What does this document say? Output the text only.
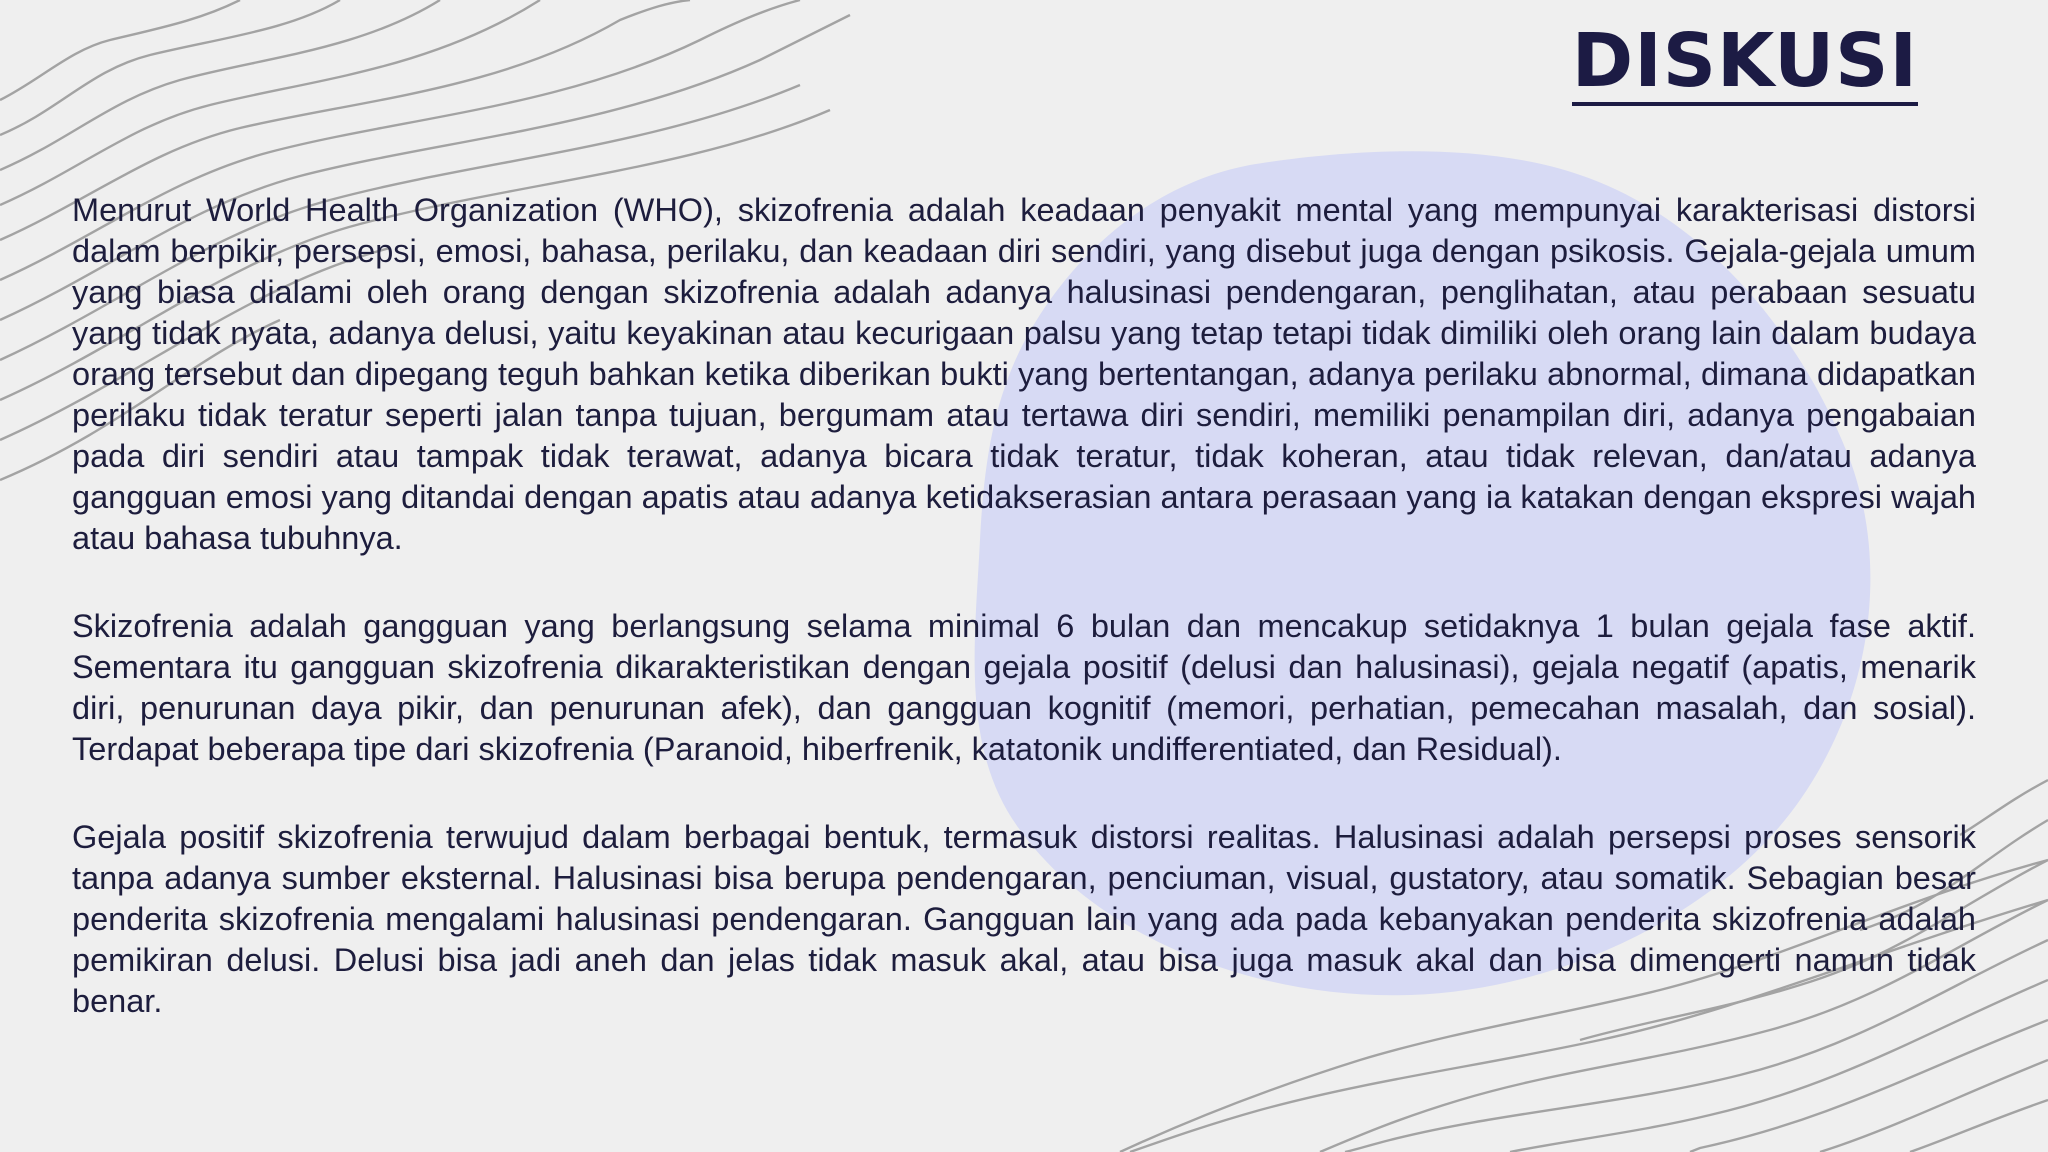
DISKUSI

Menurut World Health Organization (WHO), skizofrenia adalah keadaan penyakit mental yang mempunyai karakterisasi distorsi dalam berpikir, persepsi, emosi, bahasa, perilaku, dan keadaan diri sendiri, yang disebut juga dengan psikosis. Gejala-gejala umum yang biasa dialami oleh orang dengan skizofrenia adalah adanya halusinasi pendengaran, penglihatan, atau perabaan sesuatu yang tidak nyata, adanya delusi, yaitu keyakinan atau kecurigaan palsu yang tetap tetapi tidak dimiliki oleh orang lain dalam budaya orang tersebut dan dipegang teguh bahkan ketika diberikan bukti yang bertentangan, adanya perilaku abnormal, dimana didapatkan perilaku tidak teratur seperti jalan tanpa tujuan, bergumam atau tertawa diri sendiri, memiliki penampilan diri, adanya pengabaian pada diri sendiri atau tampak tidak terawat, adanya bicara tidak teratur, tidak koheran, atau tidak relevan, dan/atau adanya gangguan emosi yang ditandai dengan apatis atau adanya ketidakserasian antara perasaan yang ia katakan dengan ekspresi wajah atau bahasa tubuhnya.

Skizofrenia adalah gangguan yang berlangsung selama minimal 6 bulan dan mencakup setidaknya 1 bulan gejala fase aktif. Sementara itu gangguan skizofrenia dikarakteristikan dengan gejala positif (delusi dan halusinasi), gejala negatif (apatis, menarik diri, penurunan daya pikir, dan penurunan afek), dan gangguan kognitif (memori, perhatian, pemecahan masalah, dan sosial). Terdapat beberapa tipe dari skizofrenia (Paranoid, hiberfrenik, katatonik undifferentiated, dan Residual).

Gejala positif skizofrenia terwujud dalam berbagai bentuk, termasuk distorsi realitas. Halusinasi adalah persepsi proses sensorik tanpa adanya sumber eksternal. Halusinasi bisa berupa pendengaran, penciuman, visual, gustatory, atau somatik. Sebagian besar penderita skizofrenia mengalami halusinasi pendengaran. Gangguan lain yang ada pada kebanyakan penderita skizofrenia adalah pemikiran delusi. Delusi bisa jadi aneh dan jelas tidak masuk akal, atau bisa juga masuk akal dan bisa dimengerti namun tidak benar.
